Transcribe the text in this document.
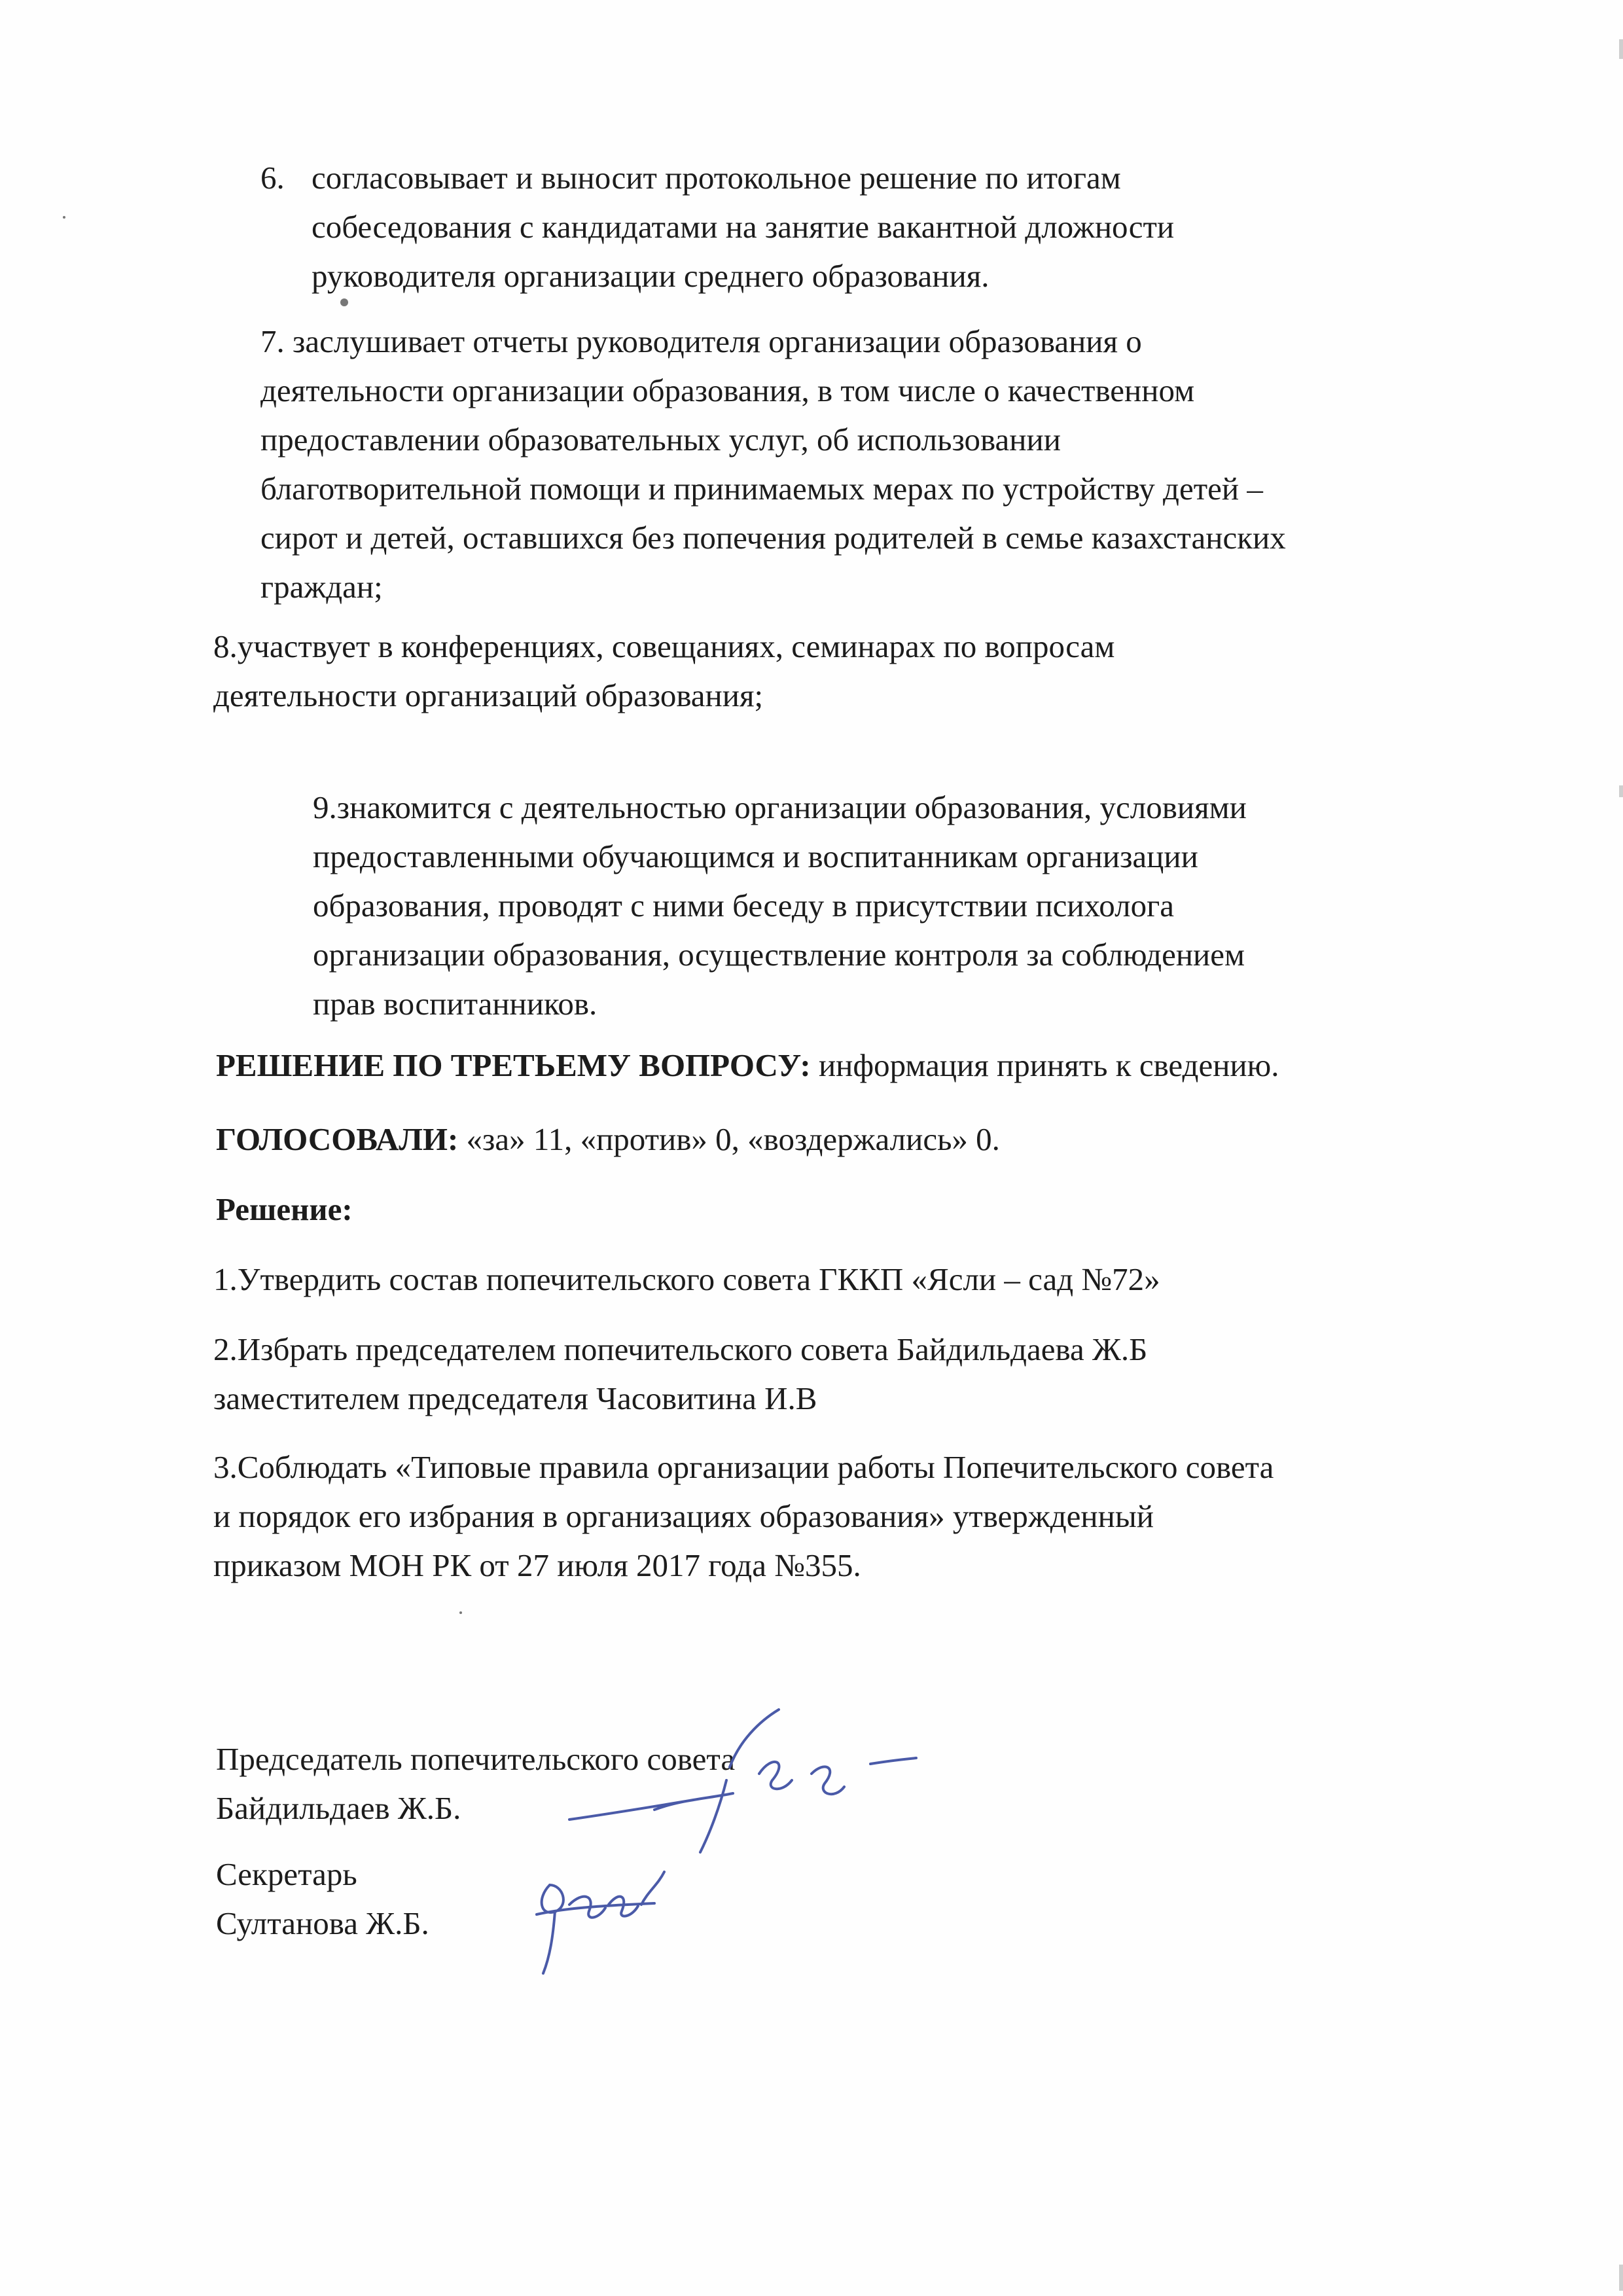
6. согласовывает и выносит протокольное решение по итогам
собеседования с кандидатами на занятие вакантной дложности
руководителя организации среднего образования.
7. заслушивает отчеты руководителя организации образования о
деятельности организации образования, в том числе о качественном
предоставлении образовательных услуг, об использовании
благотворительной помощи и принимаемых мерах по устройству детей –
сирот и детей, оставшихся без попечения родителей в семье казахстанских
граждан;
8.участвует в конференциях, совещаниях, семинарах по вопросам
деятельности организаций образования;
9.знакомится с деятельностью организации образования, условиями
предоставленными обучающимся и воспитанникам организации
образования, проводят с ними беседу в присутствии психолога
организации образования, осуществление контроля за соблюдением
прав воспитанников.
РЕШЕНИЕ ПО ТРЕТЬЕМУ ВОПРОСУ: информация принять к сведению.
ГОЛОСОВАЛИ: «за» 11, «против» 0, «воздержались» 0.
Решение:
1.Утвердить состав попечительского совета ГККП «Ясли – сад №72»
2.Избрать председателем попечительского совета Байдильдаева Ж.Б
заместителем председателя Часовитина И.В
3.Соблюдать «Типовые правила организации работы Попечительского совета
и порядок его избрания в организациях образования» утвержденный
приказом МОН РК от 27 июля 2017 года №355.
Председатель попечительского совета
Байдильдаев Ж.Б.
Секретарь
Султанова Ж.Б.
